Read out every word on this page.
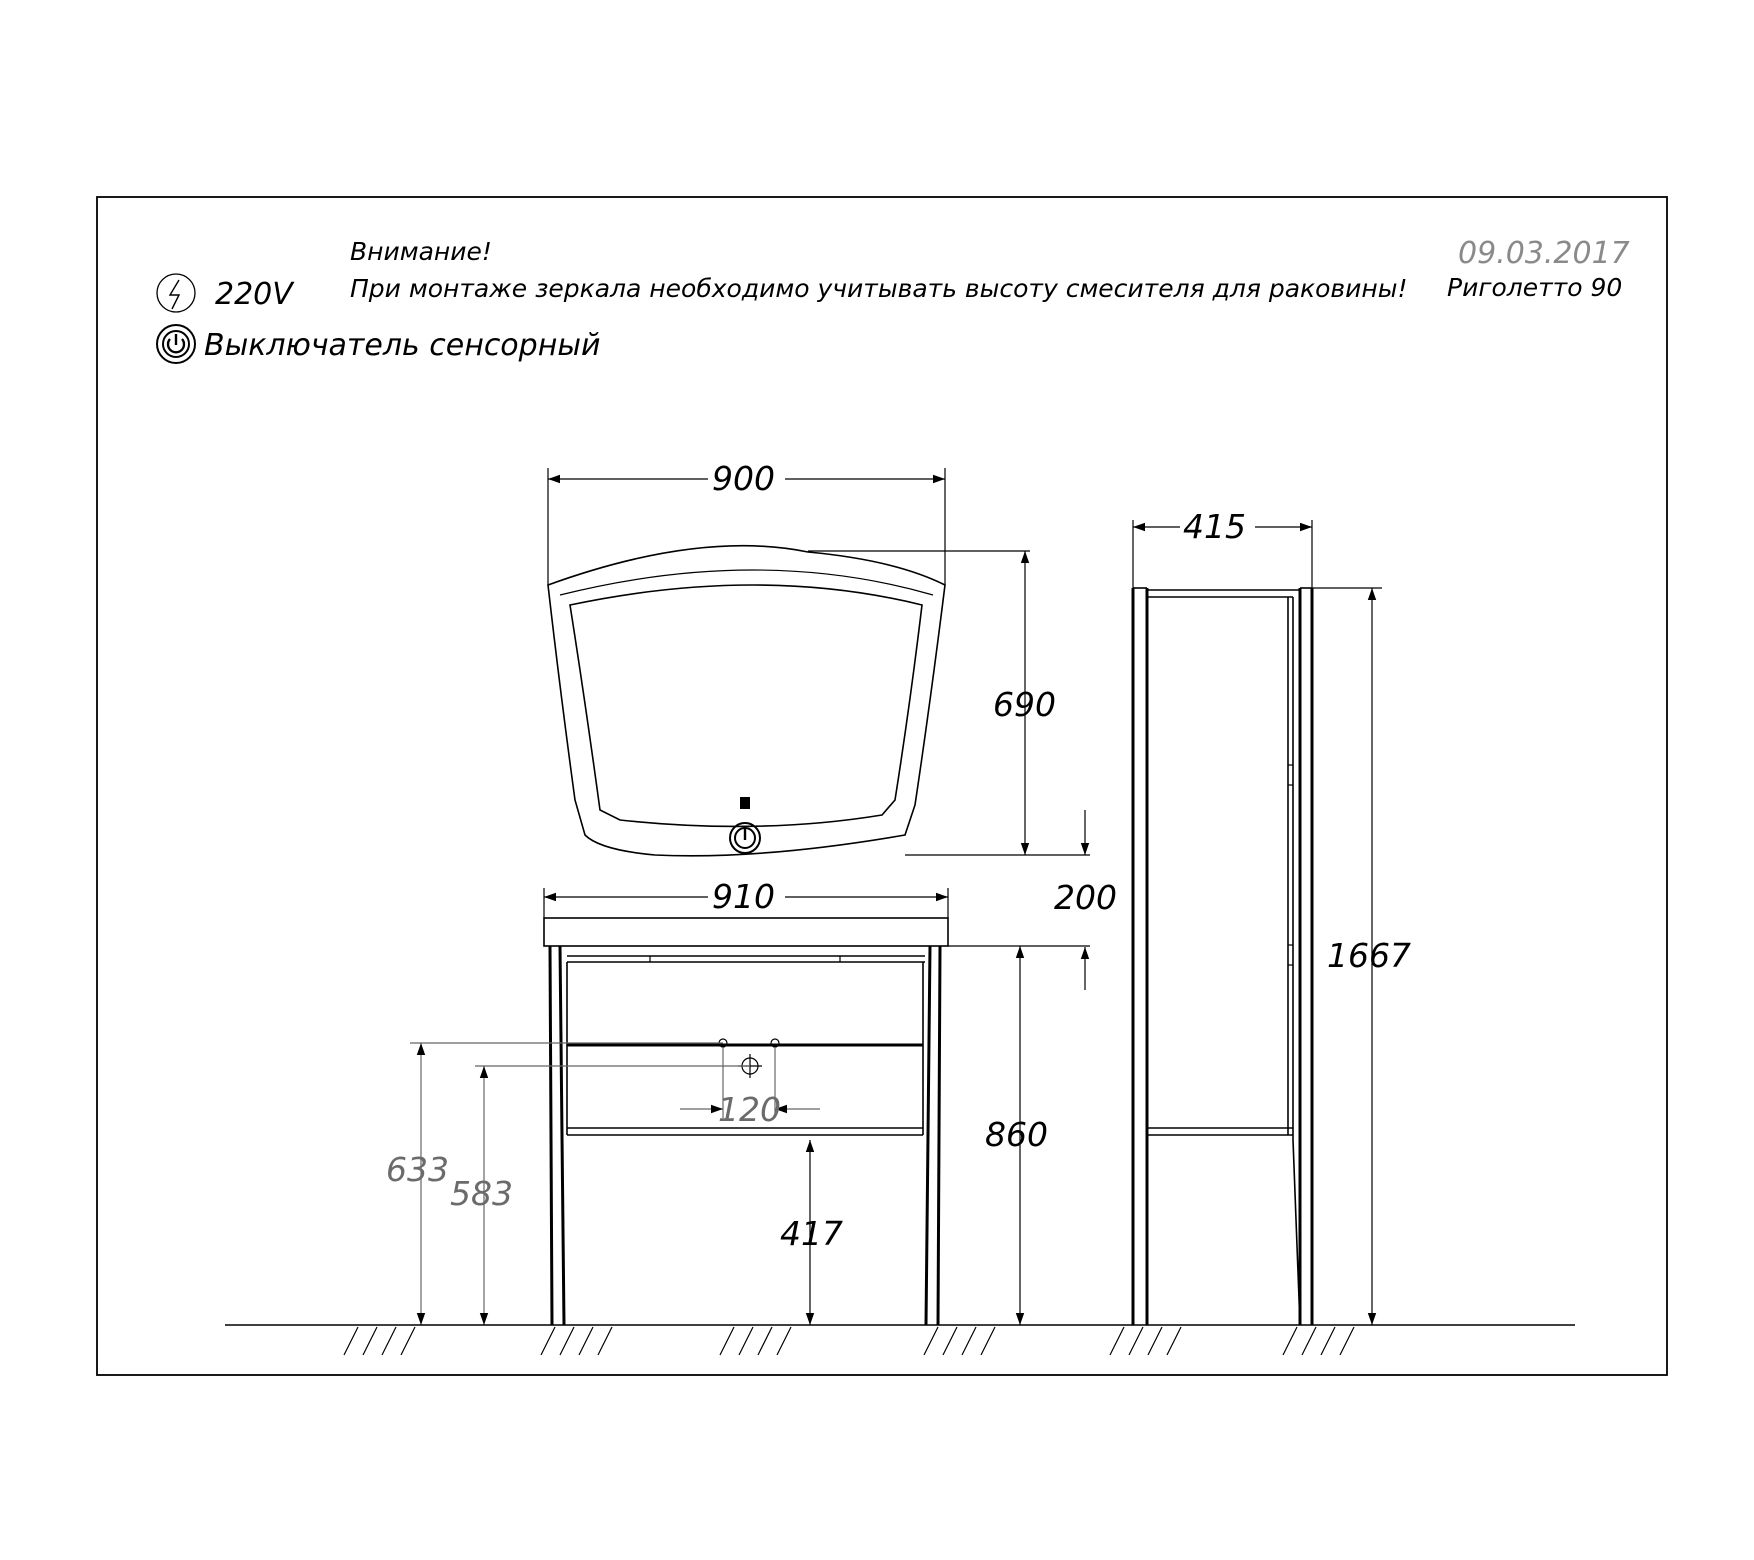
Внимание!
При монтаже зеркала необходимо учитывать высоту смесителя для раковины!
09.03.2017
Риголетто 90
220V
Выключатель сенсорный
900
690
200
910
860
417
120
633
583
415
1667
